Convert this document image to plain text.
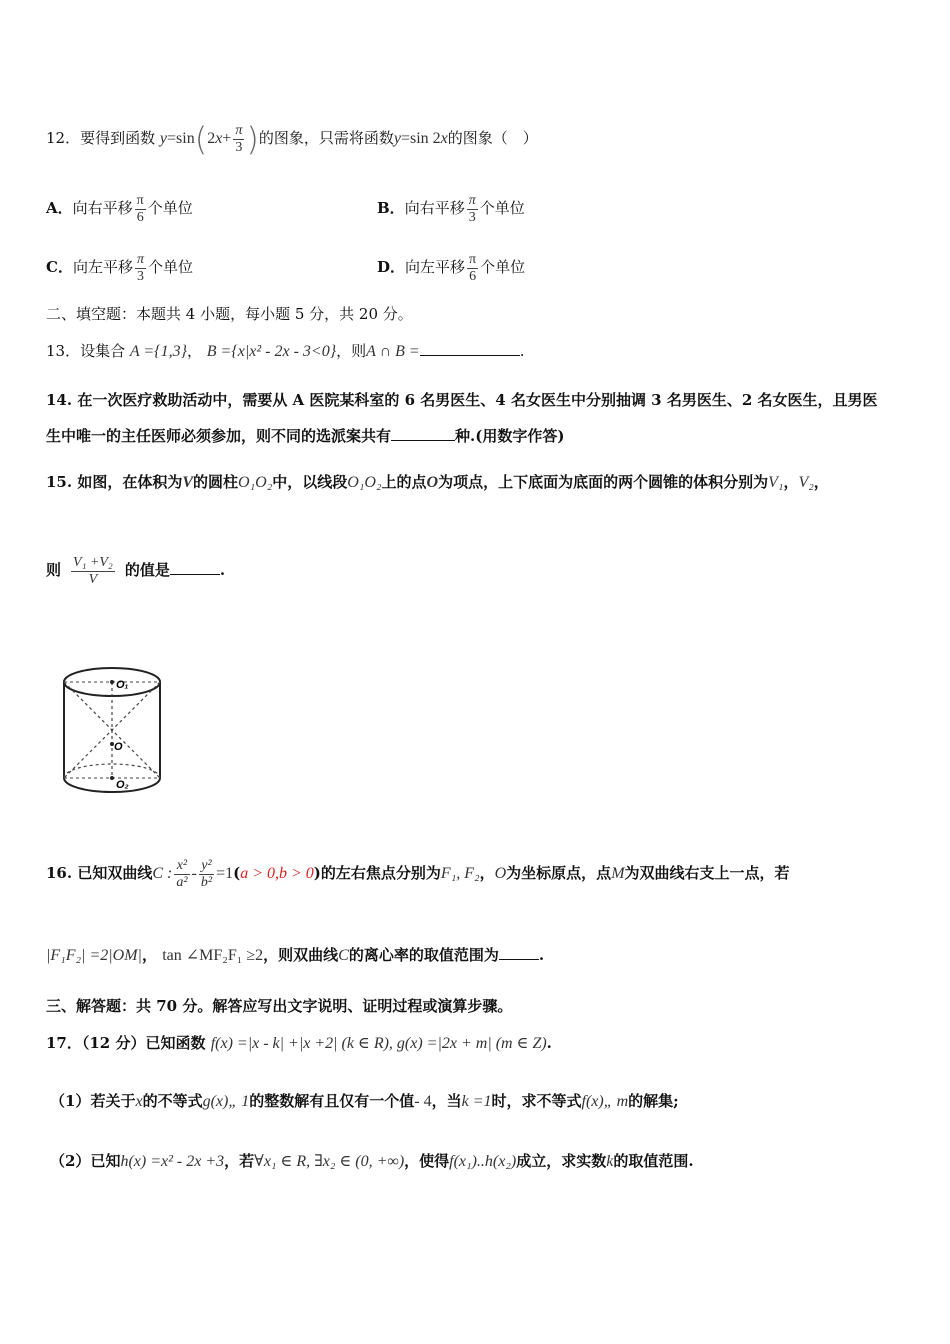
12．要得到函数 $y=\sin(2x+ \frac{\pi}{3}$ )的图象，只需将函数y=sin 2x的图象（　）
A．向右平移 $\frac{\pi}{6}$ 个单位	B．向右平移 $\frac{\pi}{3}$ 个单位
C．向左平移 $\frac{\pi}{3}$ 个单位	D．向左平移 $\frac{\pi}{6}$ 个单位
二、填空题：本题共 4 小题，每小题 5 分，共 20 分。
13．设集合 A ={1,3}， B ={x|x² - 2x - 3<0}，则A ∩ B =	.
14. 在一次医疗救助活动中，需要从 A 医院某科室的 6 名男医生、4 名女医生中分别抽调 3 名男医生、2 名女医生，且男医
生中唯一的主任医师必须参加，则不同的选派案共有	种.(用数字作答)
15. 如图，在体积为V的圆柱O₁O₂中，以线段O₁O₂上的点O为项点，上下底面为底面的两个圆锥的体积分别为V₁，V₂，
则 $\frac{\text{V₁ +V₂}}{V}$ 的值是	.
O₁
O
O₂
16. 已知双曲线C : $\frac{\text{x²}}{\text{a²}} - \frac{\text{y²}}{\text{b²}} =1(a > 0,b > 0)$的左右焦点分别为F₁, F₂，O为坐标原点，点M为双曲线右支上一点，若
|F₁F₂| =2|OM|， tan ∠MF₂F₁ ≥2，则双曲线C的离心率的取值范围为	.
三、解答题：共 70 分。解答应写出文字说明、证明过程或演算步骤。
17．（12 分）已知函数 f(x) =|x - k| +|x +2| (k ∈ R), g(x) =|2x + m| (m ∈ Z).
（1）若关于x的不等式g(x)„ 1的整数解有且仅有一个值- 4，当k =1时，求不等式f(x)„ m的解集;
（2）已知h(x) =x² - 2x +3，若∀x₁ ∈ R, ∃x₂ ∈ (0, +∞)，使得f(x₁)..h(x₂)成立，求实数k的取值范围.
